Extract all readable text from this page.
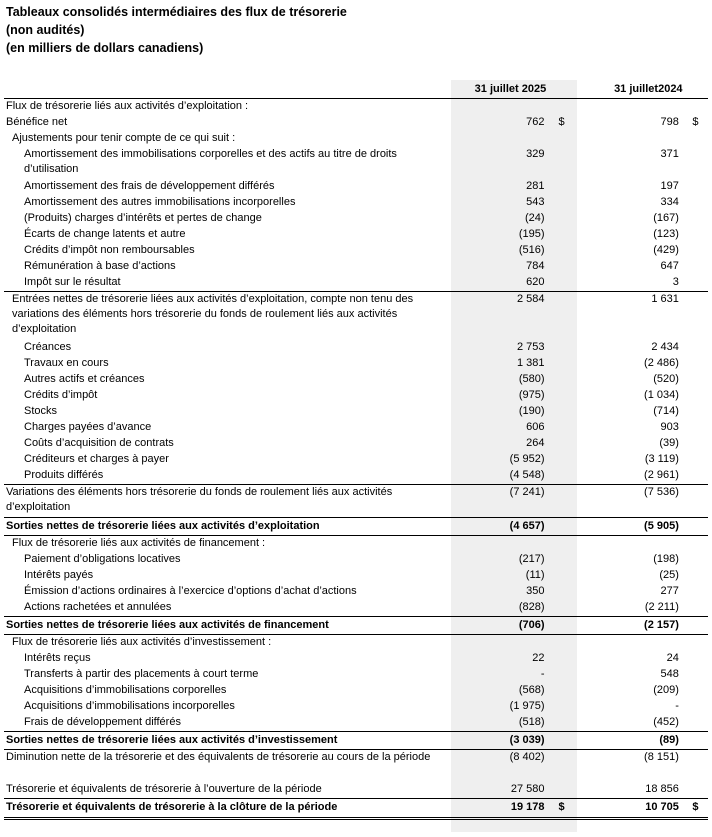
Tableaux consolidés intermédiaires des flux de trésorerie
(non audités)
(en milliers de dollars canadiens)
	31 juillet 2025			31 juillet2024	

Flux de trésorerie liés aux activités d’exploitation :					

Bénéfice net	762	$		798	$

Ajustements pour tenir compte de ce qui suit :					

Amortissement des immobilisations corporelles et des actifs au titre de droits d’utilisation	329			371	

Amortissement des frais de développement différés	281			197	

Amortissement des autres immobilisations incorporelles	543			334	

(Produits) charges d’intérêts et pertes de change	(24)			(167)	

Écarts de change latents et autre	(195)			(123)	

Crédits d’impôt non remboursables	(516)			(429)	

Rémunération à base d’actions	784			647	

Impôt sur le résultat	620			3	

Entrées nettes de trésorerie liées aux activités d’exploitation, compte non tenu des variations des éléments hors trésorerie du fonds de roulement liés aux activités d’exploitation	2 584			1 631	

Créances	2 753			2 434	

Travaux en cours	1 381			(2 486)	

Autres actifs et créances	(580)			(520)	

Crédits d’impôt	(975)			(1 034)	

Stocks	(190)			(714)	

Charges payées d’avance	606			903	

Coûts d’acquisition de contrats	264			(39)	

Créditeurs et charges à payer	(5 952)			(3 119)	

Produits différés	(4 548)			(2 961)	

Variations des éléments hors trésorerie du fonds de roulement liés aux activités d’exploitation	(7 241)			(7 536)	

Sorties nettes de trésorerie liées aux activités d’exploitation	(4 657)			(5 905)	

Flux de trésorerie liés aux activités de financement :					

Paiement d’obligations locatives	(217)			(198)	

Intérêts payés	(11)			(25)	

Émission d’actions ordinaires à l’exercice d’options d’achat d’actions	350			277	

Actions rachetées et annulées	(828)			(2 211)	

Sorties nettes de trésorerie liées aux activités de financement	(706)			(2 157)	

Flux de trésorerie liés aux activités d’investissement :					

Intérêts reçus	22			24	

Transferts à partir des placements à court terme	-			548	

Acquisitions d’immobilisations corporelles	(568)			(209)	

Acquisitions d’immobilisations incorporelles	(1 975)			-	

Frais de développement différés	(518)			(452)	

Sorties nettes de trésorerie liées aux activités d’investissement	(3 039)			(89)	

Diminution nette de la trésorerie et des équivalents de trésorerie au cours de la période	(8 402)			(8 151)	

Trésorerie et équivalents de trésorerie à l’ouverture de la période	27 580			18 856	

Trésorerie et équivalents de trésorerie à la clôture de la période	19 178	$		10 705	$
